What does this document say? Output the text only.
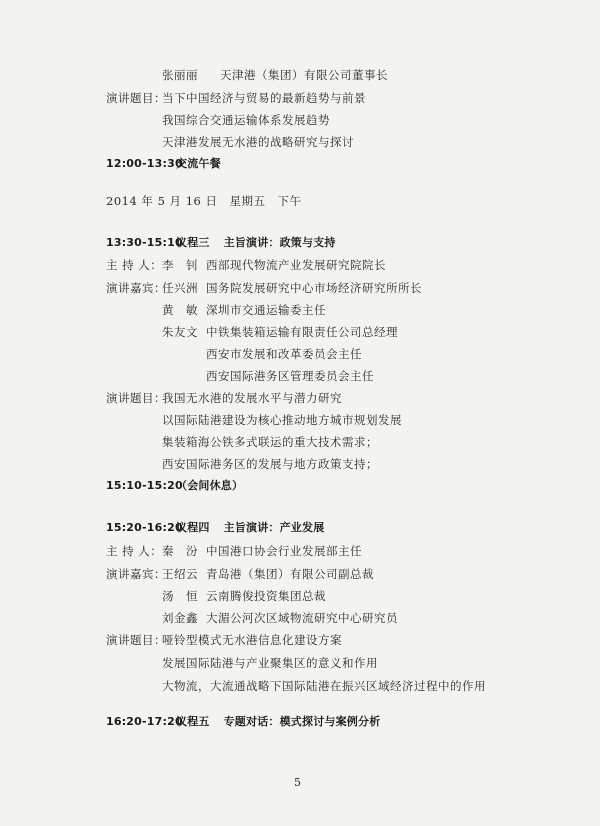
张丽丽 天津港（集团）有限公司董事长
演讲题目：当下中国经济与贸易的最新趋势与前景
我国综合交通运输体系发展趋势
天津港发展无水港的战略研究与探讨
12:00-13:30交流午餐
2014 年 5 月 16 日　星期五　下午
13:30-15:10议程三 主旨演讲：政策与支持
主 持 人：李　钊 西部现代物流产业发展研究院院长
演讲嘉宾：任兴洲 国务院发展研究中心市场经济研究所所长
黄　敏 深圳市交通运输委主任
朱友文 中铁集装箱运输有限责任公司总经理
西安市发展和改革委员会主任
西安国际港务区管理委员会主任
演讲题目：我国无水港的发展水平与潜力研究
以国际陆港建设为核心推动地方城市规划发展
集装箱海公铁多式联运的重大技术需求；
西安国际港务区的发展与地方政策支持；
15:10-15:20（会间休息）
15:20-16:20议程四 主旨演讲：产业发展
主 持 人：秦　汾 中国港口协会行业发展部主任
演讲嘉宾：王绍云 青岛港（集团）有限公司副总裁
汤　恒 云南腾俊投资集团总裁
刘金鑫 大湄公河次区域物流研究中心研究员
演讲题目：哑铃型模式无水港信息化建设方案
发展国际陆港与产业聚集区的意义和作用
大物流，大流通战略下国际陆港在振兴区域经济过程中的作用
16:20-17:20议程五 专题对话：模式探讨与案例分析
5
